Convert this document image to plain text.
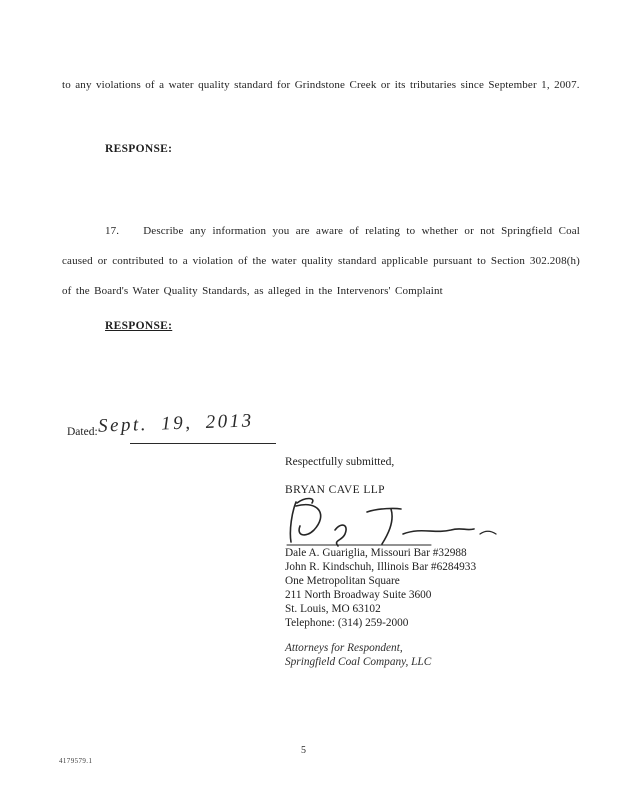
to any violations of a water quality standard for Grindstone Creek or its tributaries since September 1, 2007.
RESPONSE:
17. Describe any information you are aware of relating to whether or not Springfield Coal caused or contributed to a violation of the water quality standard applicable pursuant to Section 302.208(h) of the Board's Water Quality Standards, as alleged in the Intervenors' Complaint
RESPONSE:
Dated: Sept. 19, 2013
Respectfully submitted,
BRYAN CAVE LLP
Dale A. Guariglia, Missouri Bar #32988
John R. Kindschuh, Illinois Bar #6284933
One Metropolitan Square
211 North Broadway Suite 3600
St. Louis, MO 63102
Telephone: (314) 259-2000
Attorneys for Respondent,
Springfield Coal Company, LLC
4179579.1
5
